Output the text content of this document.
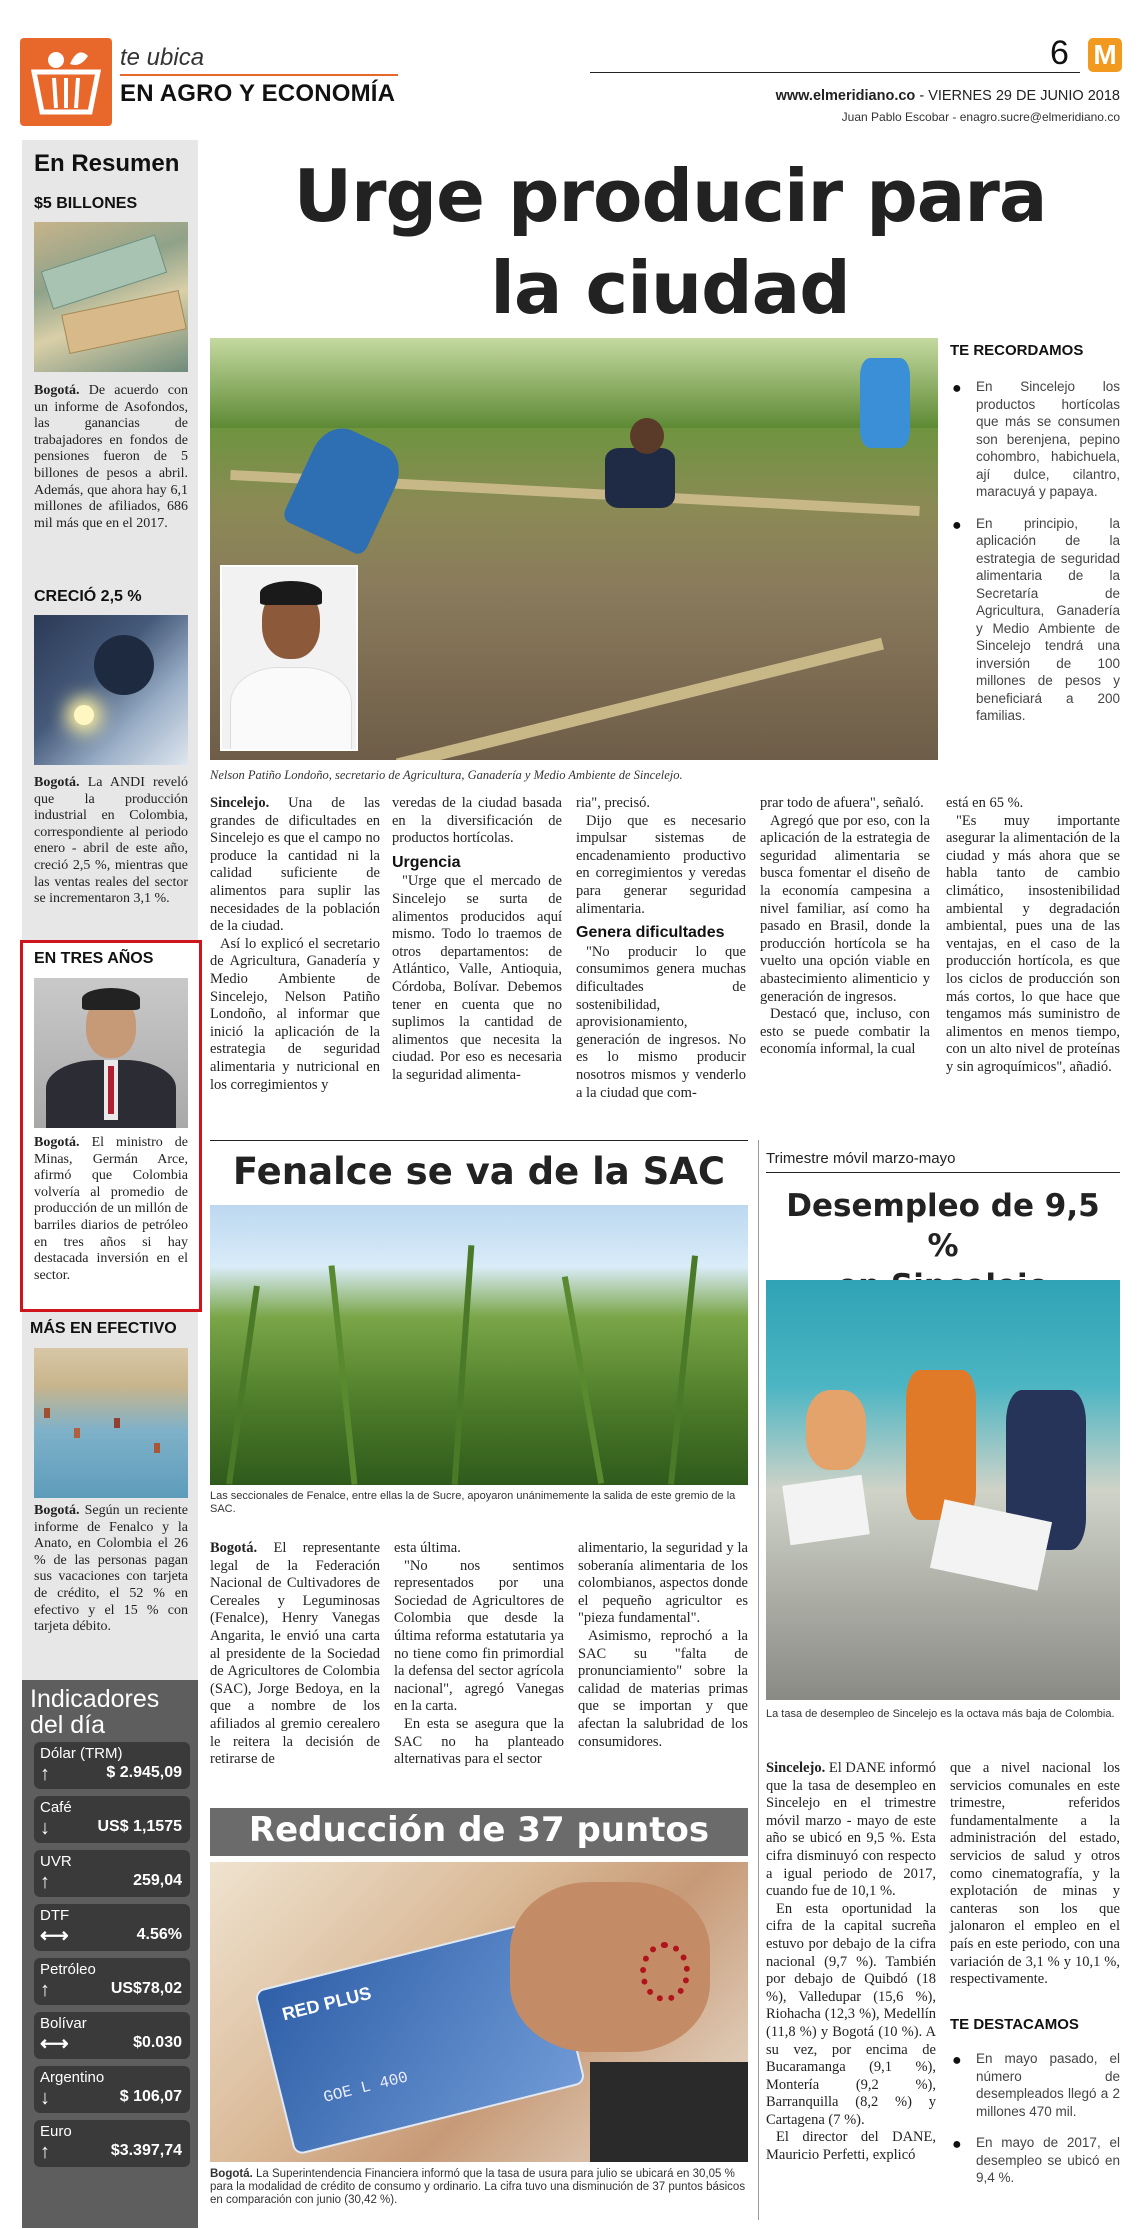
te ubica
EN AGRO Y ECONOMÍA
6 M
www.elmeridiano.co - VIERNES 29 DE JUNIO 2018
Juan Pablo Escobar - enagro.sucre@elmeridiano.co
En Resumen
$5 BILLONES
Bogotá. De acuerdo con un informe de Asofondos, las ganancias de trabajadores en fondos de pensiones fueron de 5 billones de pesos a abril. Además, que ahora hay 6,1 millones de afiliados, 686 mil más que en el 2017.
CRECIÓ 2,5 %
Bogotá. La ANDI reveló que la producción industrial en Colombia, correspondiente al periodo enero - abril de este año, creció 2,5 %, mientras que las ventas reales del sector se incrementaron 3,1 %.
EN TRES AÑOS
Bogotá. El ministro de Minas, Germán Arce, afirmó que Colombia volvería al promedio de producción de un millón de barriles diarios de petróleo en tres años si hay destacada inversión en el sector.
MÁS EN EFECTIVO
Bogotá. Según un reciente informe de Fenalco y la Anato, en Colombia el 26 % de las personas pagan sus vacaciones con tarjeta de crédito, el 52 % en efectivo y el 15 % con tarjeta débito.
Indicadores
del día
Dólar (TRM)
↑	$ 2.945,09
Café
↓	US$ 1,1575
UVR
↑	259,04
DTF
⟷	4.56%
Petróleo
↑	US$78,02
Bolívar
⟷	$0.030
Argentino
↓	$ 106,07
Euro
↑	$3.397,74
Urge producir para
la ciudad
Nelson Patiño Londoño, secretario de Agricultura, Ganadería y Medio Ambiente de Sincelejo.
TE RECORDAMOS
● En Sincelejo los productos hortícolas que más se consumen son berenjena, pepino cohombro, habichuela, ají dulce, cilantro, maracuyá y papaya.
● En principio, la aplicación de la estrategia de seguridad alimentaria de la Secretaría de Agricultura, Ganadería y Medio Ambiente de Sincelejo tendrá una inversión de 100 millones de pesos y beneficiará a 200 familias.

Sincelejo. Una de las grandes de dificultades en Sincelejo es que el campo no produce la cantidad ni la calidad suficiente de alimentos para suplir las necesidades de la población de la ciudad.

Así lo explicó el secretario de Agricultura, Ganadería y Medio Ambiente de Sincelejo, Nelson Patiño Londoño, al informar que inició la aplicación de la estrategia de seguridad alimentaria y nutricional en los corregimientos y

veredas de la ciudad basada en la diversificación de productos hortícolas.

Urgencia

"Urge que el mercado de Sincelejo se surta de alimentos producidos aquí mismo. Todo lo traemos de otros departamentos: de Atlántico, Valle, Antioquia, Córdoba, Bolívar. Debemos tener en cuenta que no suplimos la cantidad de alimentos que necesita la ciudad. Por eso es necesaria la seguridad alimenta-

ria", precisó.

Dijo que es necesario impulsar sistemas de encadenamiento productivo en corregimientos y veredas para generar seguridad alimentaria.

Genera dificultades

"No producir lo que consumimos genera muchas dificultades de sostenibilidad, aprovisionamiento, generación de ingresos. No es lo mismo producir nosotros mismos y venderlo a la ciudad que com-

prar todo de afuera", señaló.

Agregó que por eso, con la aplicación de la estrategia de seguridad alimentaria se busca fomentar el diseño de la economía campesina a nivel familiar, así como ha pasado en Brasil, donde la producción hortícola se ha vuelto una opción viable en abastecimiento alimenticio y generación de ingresos.

Destacó que, incluso, con esto se puede combatir la economía informal, la cual

está en 65 %.

"Es muy importante asegurar la alimentación de la ciudad y más ahora que se habla tanto de cambio climático, insostenibilidad ambiental y degradación ambiental, pues una de las ventajas, en el caso de la producción hortícola, es que los ciclos de producción son más cortos, lo que hace que tengamos más suministro de alimentos en menos tiempo, con un alto nivel de proteínas y sin agroquímicos", añadió.

Fenalce se va de la SAC
Las seccionales de Fenalce, entre ellas la de Sucre, apoyaron unánimemente la salida de este gremio de la SAC.

Bogotá. El representante legal de la Federación Nacional de Cultivadores de Cereales y Leguminosas (Fenalce), Henry Vanegas Angarita, le envió una carta al presidente de la Sociedad de Agricultores de Colombia (SAC), Jorge Bedoya, en la que a nombre de los afiliados al gremio cerealero le reitera la decisión de retirarse de

esta última.

"No nos sentimos representados por una Sociedad de Agricultores de Colombia que desde la última reforma estatutaria ya no tiene como fin primordial la defensa del sector agrícola nacional", agregó Vanegas en la carta.

En esta se asegura que la SAC no ha planteado alternativas para el sector

alimentario, la seguridad y la soberanía alimentaria de los colombianos, aspectos donde el pequeño agricultor es "pieza fundamental".

Asimismo, reprochó a la SAC su "falta de pronunciamiento" sobre la calidad de materias primas que se importan y que afectan la salubridad de los consumidores.

Reducción de 37 puntos
RED PLUS
GOE L 400
Bogotá. La Superintendencia Financiera informó que la tasa de usura para julio se ubicará en 30,05 % para la modalidad de crédito de consumo y ordinario. La cifra tuvo una disminución de 37 puntos básicos en comparación con junio (30,42 %).
Trimestre móvil marzo-mayo
Desempleo de 9,5 %
La tasa de desempleo de Sincelejo es la octava más baja de Colombia.

Sincelejo. El DANE informó que la tasa de desempleo en Sincelejo en el trimestre móvil marzo - mayo de este año se ubicó en 9,5 %. Esta cifra disminuyó con respecto a igual periodo de 2017, cuando fue de 10,1 %.

En esta oportunidad la cifra de la capital sucreña estuvo por debajo de la cifra nacional (9,7 %). También por debajo de Quibdó (18 %), Valledupar (15,6 %), Riohacha (12,3 %), Medellín (11,8 %) y Bogotá (10 %). A su vez, por encima de Bucaramanga (9,1 %), Montería (9,2 %), Barranquilla (8,2 %) y Cartagena (7 %).

El director del DANE, Mauricio Perfetti, explicó

que a nivel nacional los servicios comunales en este trimestre, referidos fundamentalmente a la administración del estado, servicios de salud y otros como cinematografía, y la explotación de minas y canteras son los que jalonaron el empleo en el país en este periodo, con una variación de 3,1 % y 10,1 %, respectivamente.

TE DESTACAMOS
● En mayo pasado, el número de desempleados llegó a 2 millones 470 mil.
● En mayo de 2017, el desempleo se ubicó en 9,4 %.
